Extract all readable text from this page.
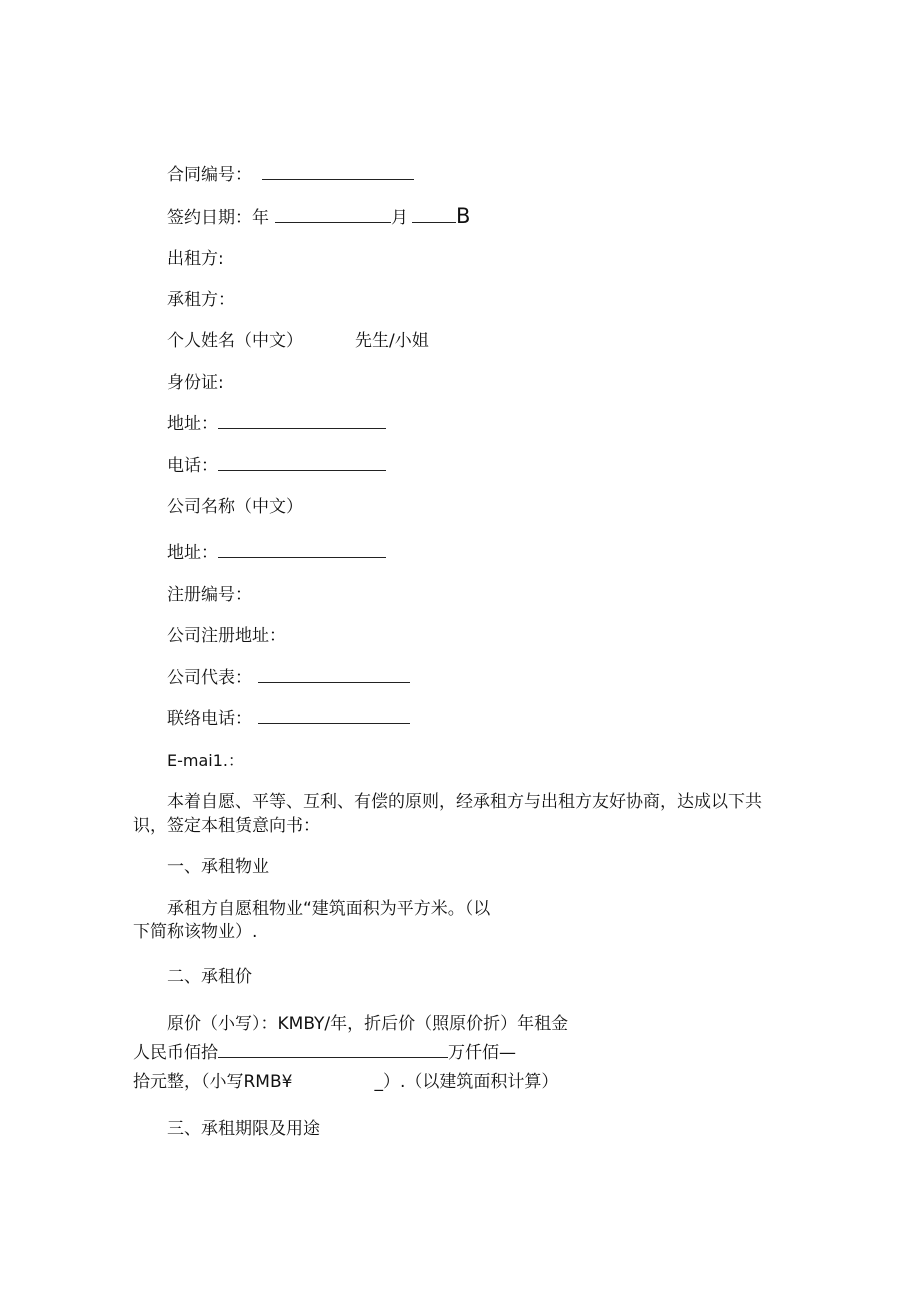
合同编号：
签约日期：年	月 B
出租方:
承租方：
个人姓名（中文）	先生/小姐
身份证:
地址：
电话：
公司名称（中文）
地址：
注册编号：
公司注册地址：
公司代表：
联络电话：
E-mai1.：
本着自愿、平等、互利、有偿的原则，经承租方与出租方友好协商，达成以下共
识，签定本租赁意向书：
一、承租物业
承租方自愿租物业“建筑面积为平方米。（以
下简称该物业）.
二、承租价
原价（小写）：KMBY/年，折后价（照原价折）年租金
人民币佰拾	万仟佰—
拾元整，（小写RMB¥	_）.（以建筑面积计算）
三、承租期限及用途
